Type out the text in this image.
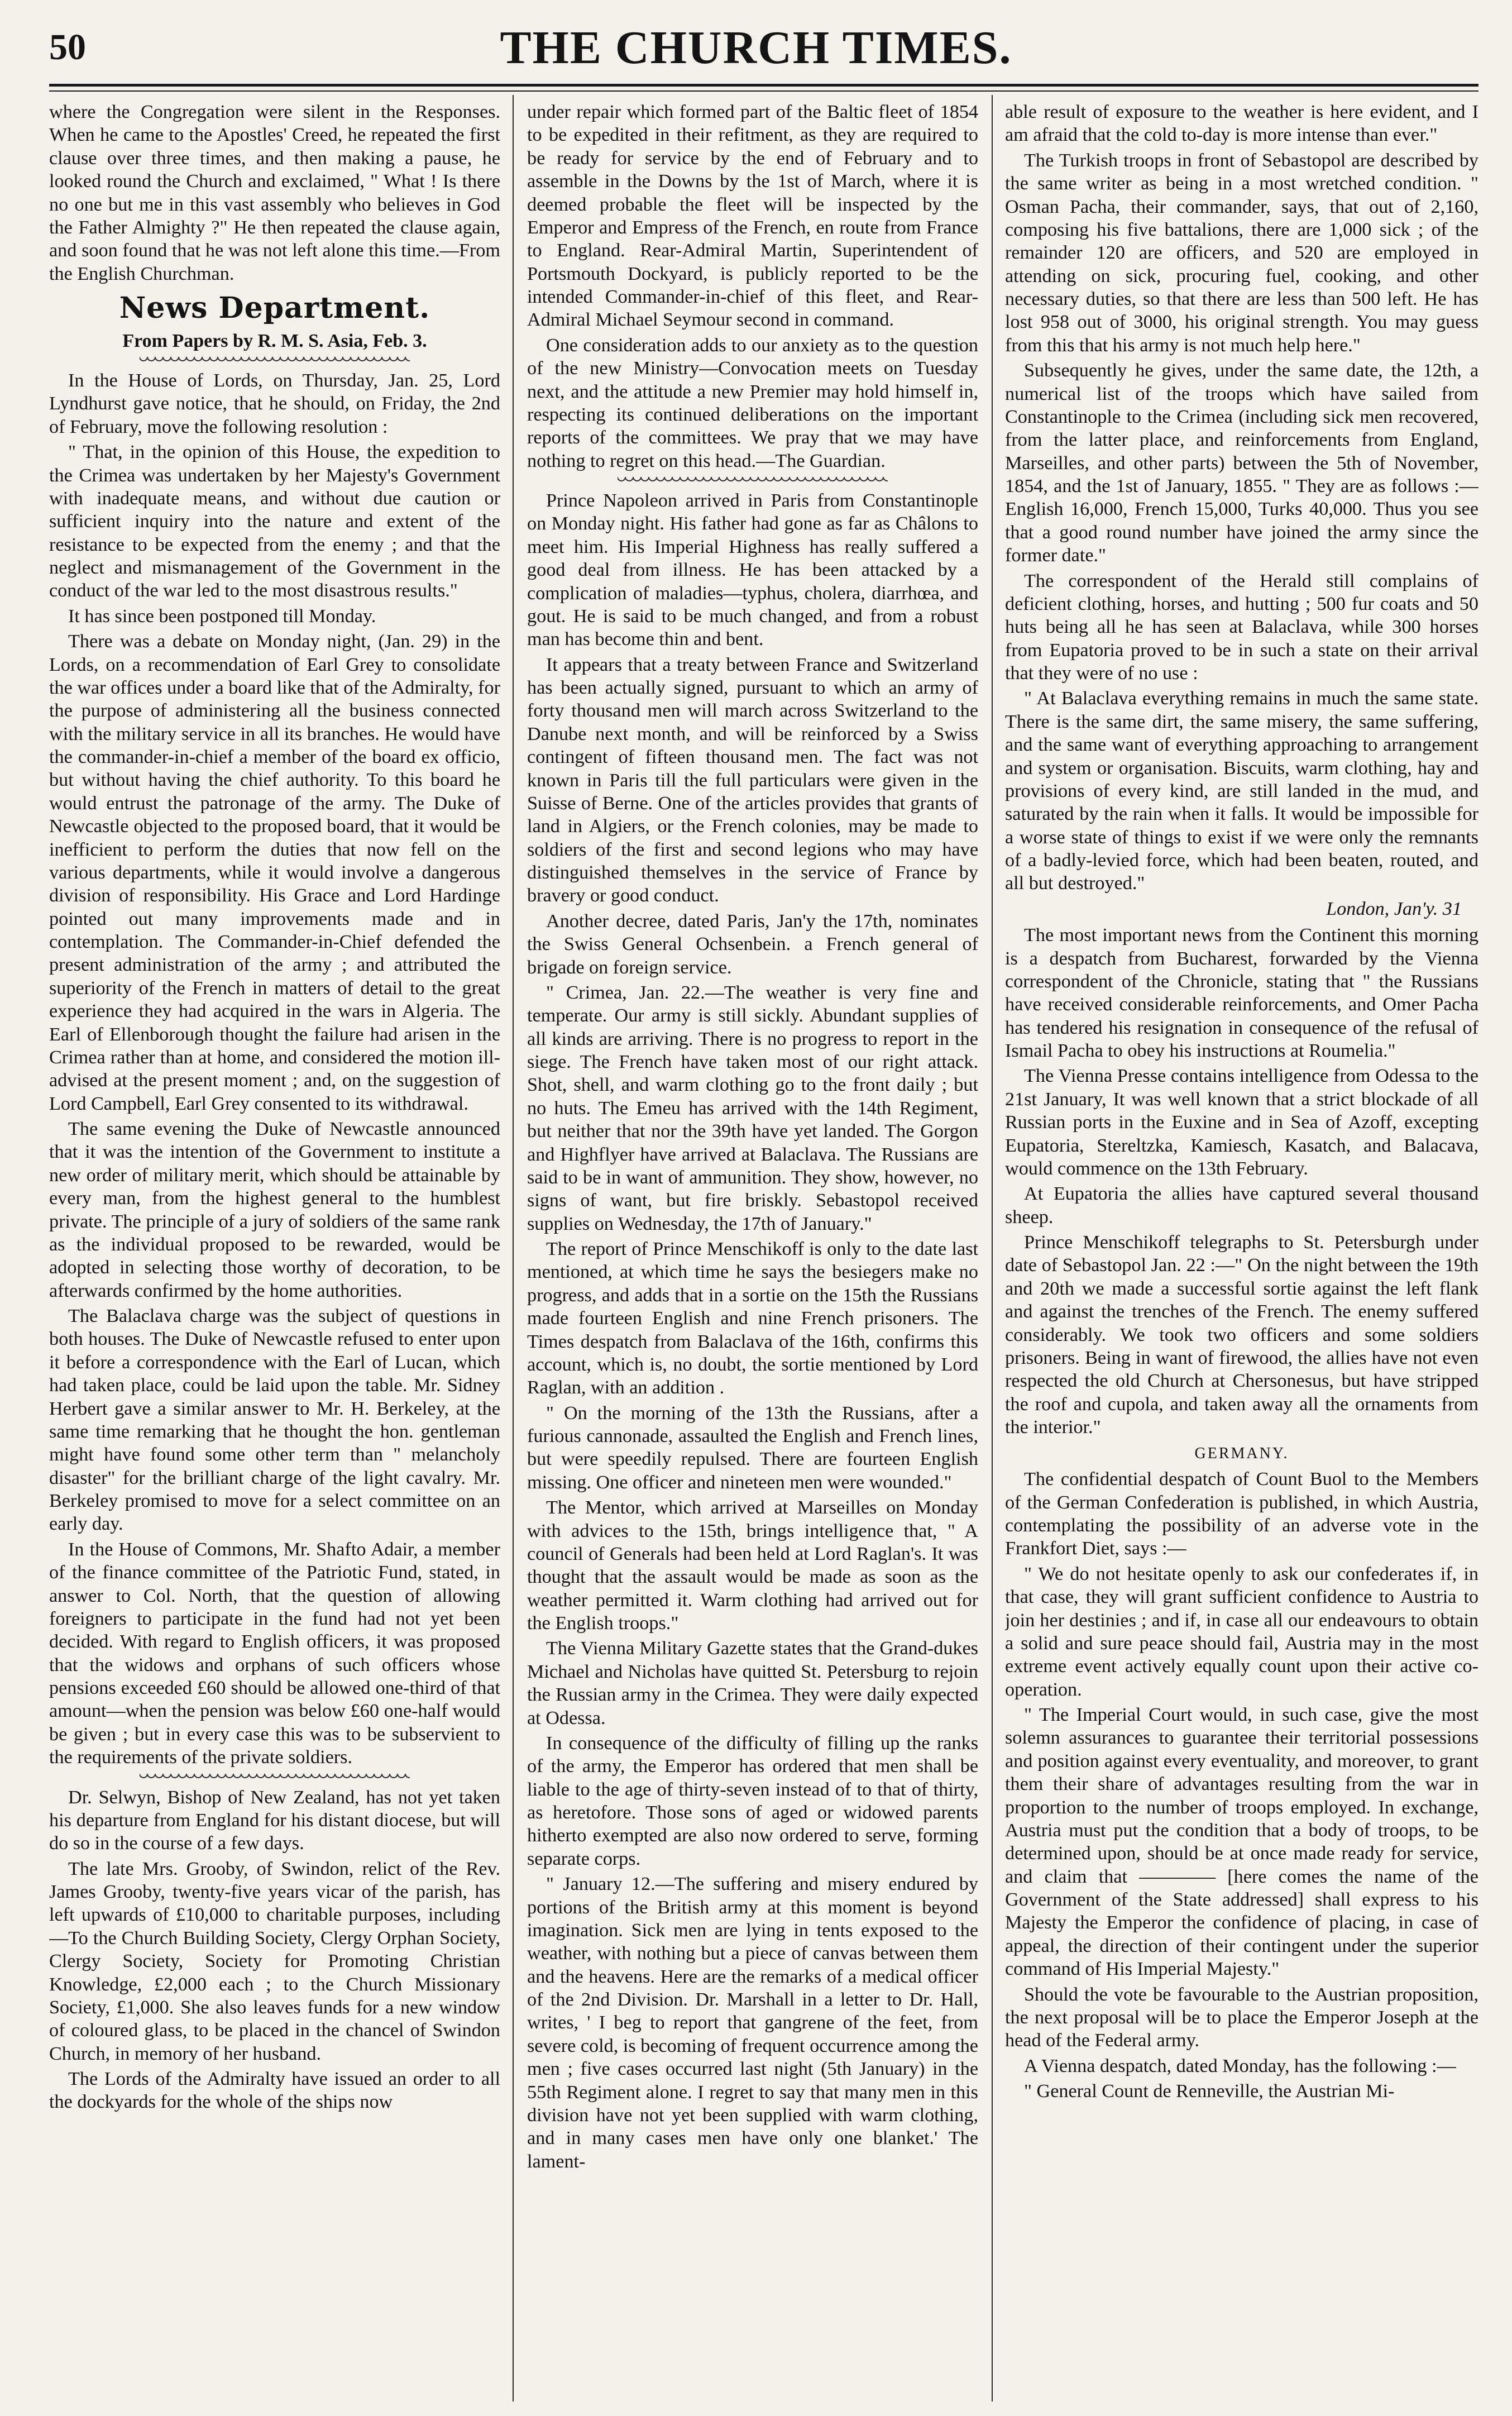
50	THE CHURCH TIMES.

where the Congregation were silent in the Responses. When he came to the Apostles' Creed, he repeated the first clause over three times, and then making a pause, he looked round the Church and exclaimed, " What ! Is there no one but me in this vast assembly who believes in God the Father Almighty ?" He then repeated the clause again, and soon found that he was not left alone this time.—From the English Churchman.

News Department.
From Papers by R. M. S. Asia, Feb. 3.

In the House of Lords, on Thursday, Jan. 25, Lord Lyndhurst gave notice, that he should, on Friday, the 2nd of February, move the following resolution :

" That, in the opinion of this House, the expedition to the Crimea was undertaken by her Majesty's Government with inadequate means, and without due caution or sufficient inquiry into the nature and extent of the resistance to be expected from the enemy ; and that the neglect and mismanagement of the Government in the conduct of the war led to the most disastrous results."

It has since been postponed till Monday.

There was a debate on Monday night, (Jan. 29) in the Lords, on a recommendation of Earl Grey to consolidate the war offices under a board like that of the Admiralty, for the purpose of administering all the business connected with the military service in all its branches. He would have the commander-in-chief a member of the board ex officio, but without having the chief authority. To this board he would entrust the patronage of the army. The Duke of Newcastle objected to the proposed board, that it would be inefficient to perform the duties that now fell on the various departments, while it would involve a dangerous division of responsibility. His Grace and Lord Hardinge pointed out many improvements made and in contemplation. The Commander-in-Chief defended the present administration of the army ; and attributed the superiority of the French in matters of detail to the great experience they had acquired in the wars in Algeria. The Earl of Ellenborough thought the failure had arisen in the Crimea rather than at home, and considered the motion ill-advised at the present moment ; and, on the suggestion of Lord Campbell, Earl Grey consented to its withdrawal.

The same evening the Duke of Newcastle announced that it was the intention of the Government to institute a new order of military merit, which should be attainable by every man, from the highest general to the humblest private. The principle of a jury of soldiers of the same rank as the individual proposed to be rewarded, would be adopted in selecting those worthy of decoration, to be afterwards confirmed by the home authorities.

The Balaclava charge was the subject of questions in both houses. The Duke of Newcastle refused to enter upon it before a correspondence with the Earl of Lucan, which had taken place, could be laid upon the table. Mr. Sidney Herbert gave a similar answer to Mr. H. Berkeley, at the same time remarking that he thought the hon. gentleman might have found some other term than " melancholy disaster" for the brilliant charge of the light cavalry. Mr. Berkeley promised to move for a select committee on an early day.

In the House of Commons, Mr. Shafto Adair, a member of the finance committee of the Patriotic Fund, stated, in answer to Col. North, that the question of allowing foreigners to participate in the fund had not yet been decided. With regard to English officers, it was proposed that the widows and orphans of such officers whose pensions exceeded £60 should be allowed one-third of that amount—when the pension was below £60 one-half would be given ; but in every case this was to be subservient to the requirements of the private soldiers.

Dr. Selwyn, Bishop of New Zealand, has not yet taken his departure from England for his distant diocese, but will do so in the course of a few days.

The late Mrs. Grooby, of Swindon, relict of the Rev. James Grooby, twenty-five years vicar of the parish, has left upwards of £10,000 to charitable purposes, including—To the Church Building Society, Clergy Orphan Society, Clergy Society, Society for Promoting Christian Knowledge, £2,000 each ; to the Church Missionary Society, £1,000. She also leaves funds for a new window of coloured glass, to be placed in the chancel of Swindon Church, in memory of her husband.

The Lords of the Admiralty have issued an order to all the dockyards for the whole of the ships now

under repair which formed part of the Baltic fleet of 1854 to be expedited in their refitment, as they are required to be ready for service by the end of February and to assemble in the Downs by the 1st of March, where it is deemed probable the fleet will be inspected by the Emperor and Empress of the French, en route from France to England. Rear-Admiral Martin, Superintendent of Portsmouth Dockyard, is publicly reported to be the intended Commander-in-chief of this fleet, and Rear-Admiral Michael Seymour second in command.

One consideration adds to our anxiety as to the question of the new Ministry—Convocation meets on Tuesday next, and the attitude a new Premier may hold himself in, respecting its continued deliberations on the important reports of the committees. We pray that we may have nothing to regret on this head.—The Guardian.

Prince Napoleon arrived in Paris from Constantinople on Monday night. His father had gone as far as Châlons to meet him. His Imperial Highness has really suffered a good deal from illness. He has been attacked by a complication of maladies—typhus, cholera, diarrhœa, and gout. He is said to be much changed, and from a robust man has become thin and bent.

It appears that a treaty between France and Switzerland has been actually signed, pursuant to which an army of forty thousand men will march across Switzerland to the Danube next month, and will be reinforced by a Swiss contingent of fifteen thousand men. The fact was not known in Paris till the full particulars were given in the Suisse of Berne. One of the articles provides that grants of land in Algiers, or the French colonies, may be made to soldiers of the first and second legions who may have distinguished themselves in the service of France by bravery or good conduct.

Another decree, dated Paris, Jan'y the 17th, nominates the Swiss General Ochsenbein. a French general of brigade on foreign service.

" Crimea, Jan. 22.—The weather is very fine and temperate. Our army is still sickly. Abundant supplies of all kinds are arriving. There is no progress to report in the siege. The French have taken most of our right attack. Shot, shell, and warm clothing go to the front daily ; but no huts. The Emeu has arrived with the 14th Regiment, but neither that nor the 39th have yet landed. The Gorgon and Highflyer have arrived at Balaclava. The Russians are said to be in want of ammunition. They show, however, no signs of want, but fire briskly. Sebastopol received supplies on Wednesday, the 17th of January."

The report of Prince Menschikoff is only to the date last mentioned, at which time he says the besiegers make no progress, and adds that in a sortie on the 15th the Russians made fourteen English and nine French prisoners. The Times despatch from Balaclava of the 16th, confirms this account, which is, no doubt, the sortie mentioned by Lord Raglan, with an addition .

" On the morning of the 13th the Russians, after a furious cannonade, assaulted the English and French lines, but were speedily repulsed. There are fourteen English missing. One officer and nineteen men were wounded."

The Mentor, which arrived at Marseilles on Monday with advices to the 15th, brings intelligence that, " A council of Generals had been held at Lord Raglan's. It was thought that the assault would be made as soon as the weather permitted it. Warm clothing had arrived out for the English troops."

The Vienna Military Gazette states that the Grand-dukes Michael and Nicholas have quitted St. Petersburg to rejoin the Russian army in the Crimea. They were daily expected at Odessa.

In consequence of the difficulty of filling up the ranks of the army, the Emperor has ordered that men shall be liable to the age of thirty-seven instead of to that of thirty, as heretofore. Those sons of aged or widowed parents hitherto exempted are also now ordered to serve, forming separate corps.

" January 12.—The suffering and misery endured by portions of the British army at this moment is beyond imagination. Sick men are lying in tents exposed to the weather, with nothing but a piece of canvas between them and the heavens. Here are the remarks of a medical officer of the 2nd Division. Dr. Marshall in a letter to Dr. Hall, writes, ' I beg to report that gangrene of the feet, from severe cold, is becoming of frequent occurrence among the men ; five cases occurred last night (5th January) in the 55th Regiment alone. I regret to say that many men in this division have not yet been supplied with warm clothing, and in many cases men have only one blanket.' The lament-

able result of exposure to the weather is here evident, and I am afraid that the cold to-day is more intense than ever."

The Turkish troops in front of Sebastopol are described by the same writer as being in a most wretched condition. " Osman Pacha, their commander, says, that out of 2,160, composing his five battalions, there are 1,000 sick ; of the remainder 120 are officers, and 520 are employed in attending on sick, procuring fuel, cooking, and other necessary duties, so that there are less than 500 left. He has lost 958 out of 3000, his original strength. You may guess from this that his army is not much help here."

Subsequently he gives, under the same date, the 12th, a numerical list of the troops which have sailed from Constantinople to the Crimea (including sick men recovered, from the latter place, and reinforcements from England, Marseilles, and other parts) between the 5th of November, 1854, and the 1st of January, 1855. " They are as follows :—English 16,000, French 15,000, Turks 40,000. Thus you see that a good round number have joined the army since the former date."

The correspondent of the Herald still complains of deficient clothing, horses, and hutting ; 500 fur coats and 50 huts being all he has seen at Balaclava, while 300 horses from Eupatoria proved to be in such a state on their arrival that they were of no use :

" At Balaclava everything remains in much the same state. There is the same dirt, the same misery, the same suffering, and the same want of everything approaching to arrangement and system or organisation. Biscuits, warm clothing, hay and provisions of every kind, are still landed in the mud, and saturated by the rain when it falls. It would be impossible for a worse state of things to exist if we were only the remnants of a badly-levied force, which had been beaten, routed, and all but destroyed."

London, Jan'y. 31

The most important news from the Continent this morning is a despatch from Bucharest, forwarded by the Vienna correspondent of the Chronicle, stating that " the Russians have received considerable reinforcements, and Omer Pacha has tendered his resignation in consequence of the refusal of Ismail Pacha to obey his instructions at Roumelia."

The Vienna Presse contains intelligence from Odessa to the 21st January, It was well known that a strict blockade of all Russian ports in the Euxine and in Sea of Azoff, excepting Eupatoria, Stereltzka, Kamiesch, Kasatch, and Balacava, would commence on the 13th February.

At Eupatoria the allies have captured several thousand sheep.

Prince Menschikoff telegraphs to St. Petersburgh under date of Sebastopol Jan. 22 :—" On the night between the 19th and 20th we made a successful sortie against the left flank and against the trenches of the French. The enemy suffered considerably. We took two officers and some soldiers prisoners. Being in want of firewood, the allies have not even respected the old Church at Chersonesus, but have stripped the roof and cupola, and taken away all the ornaments from the interior."

GERMANY.

The confidential despatch of Count Buol to the Members of the German Confederation is published, in which Austria, contemplating the possibility of an adverse vote in the Frankfort Diet, says :—

" We do not hesitate openly to ask our confederates if, in that case, they will grant sufficient confidence to Austria to join her destinies ; and if, in case all our endeavours to obtain a solid and sure peace should fail, Austria may in the most extreme event actively equally count upon their active co-operation.

" The Imperial Court would, in such case, give the most solemn assurances to guarantee their territorial possessions and position against every eventuality, and moreover, to grant them their share of advantages resulting from the war in proportion to the number of troops employed. In exchange, Austria must put the condition that a body of troops, to be determined upon, should be at once made ready for service, and claim that ———— [here comes the name of the Government of the State addressed] shall express to his Majesty the Emperor the confidence of placing, in case of appeal, the direction of their contingent under the superior command of His Imperial Majesty."

Should the vote be favourable to the Austrian proposition, the next proposal will be to place the Emperor Joseph at the head of the Federal army.

A Vienna despatch, dated Monday, has the following :—

" General Count de Renneville, the Austrian Mi-
